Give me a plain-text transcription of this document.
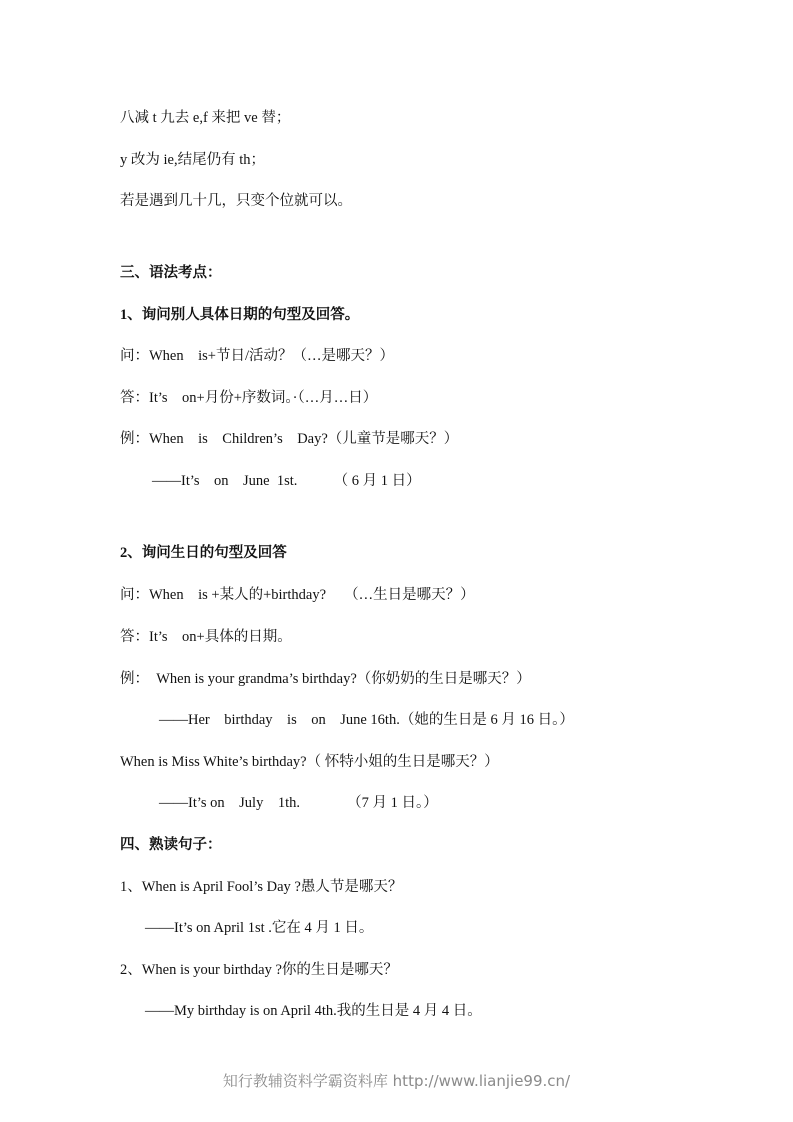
八减 t 九去 e,f 来把 ve 替；
y 改为 ie,结尾仍有 th；
若是遇到几十几，只变个位就可以。
三、语法考点：
1、询问别人具体日期的句型及回答。
问：When    is+节日/活动？（…是哪天？）
答：It’s    on+月份+序数词。·（…月…日）
例：When    is    Children’s    Day?（儿童节是哪天？）
——It’s    on    June  1st.          （ 6 月 1 日）
2、询问生日的句型及回答
问：When    is +某人的+birthday?     （…生日是哪天？）
答：It’s    on+具体的日期。
例：  When is your grandma’s birthday?（你奶奶的生日是哪天？）
——Her    birthday    is    on    June 16th.（她的生日是 6 月 16 日。）
When is Miss White’s birthday?（ 怀特小姐的生日是哪天？）
——It’s on    July    1th.             （7 月 1 日。）
四、熟读句子：
1、When is April Fool’s Day ?愚人节是哪天？
——It’s on April 1st .它在 4 月 1 日。
2、When is your birthday ?你的生日是哪天？
——My birthday is on April 4th.我的生日是 4 月 4 日。
知行教辅资料学霸资料库 http://www.lianjie99.cn/
